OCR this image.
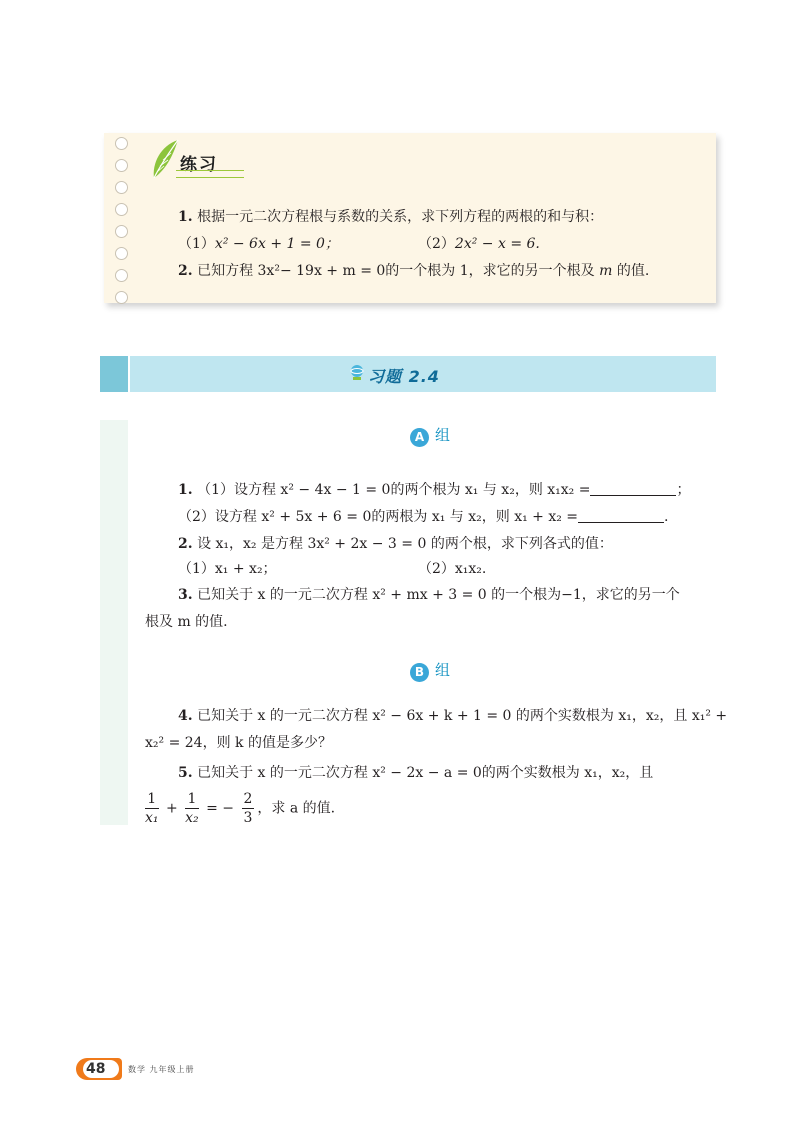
练习
1. 根据一元二次方程根与系数的关系，求下列方程的两根的和与积：
（1）x² − 6x + 1 = 0；	（2）2x² − x = 6.
2. 已知方程 3x²− 19x + m = 0的一个根为 1，求它的另一个根及 m 的值.
习题 2.4
A 组
1. （1）设方程 x² − 4x − 1 = 0的两个根为 x₁ 与 x₂，则 x₁x₂ =	；
（2）设方程 x² + 5x + 6 = 0的两根为 x₁ 与 x₂，则 x₁ + x₂ =	.
2. 设 x₁，x₂ 是方程 3x² + 2x − 3 = 0 的两个根，求下列各式的值：
（1）x₁ + x₂；	（2）x₁x₂.
3. 已知关于 x 的一元二次方程 x² + mx + 3 = 0 的一个根为−1，求它的另一个
根及 m 的值.
B 组
4. 已知关于 x 的一元二次方程 x² − 6x + k + 1 = 0 的两个实数根为 x₁，x₂，且 x₁² +
x₂² = 24，则 k 的值是多少？
5. 已知关于 x 的一元二次方程 x² − 2x − a = 0的两个实数根为 x₁，x₂，且
$\frac{1}{\text{x₁}} + \frac{1}{\text{x₂}}$ = − $\frac{2}{3}$ ，求 a 的值.
48	数学 九年级上册
